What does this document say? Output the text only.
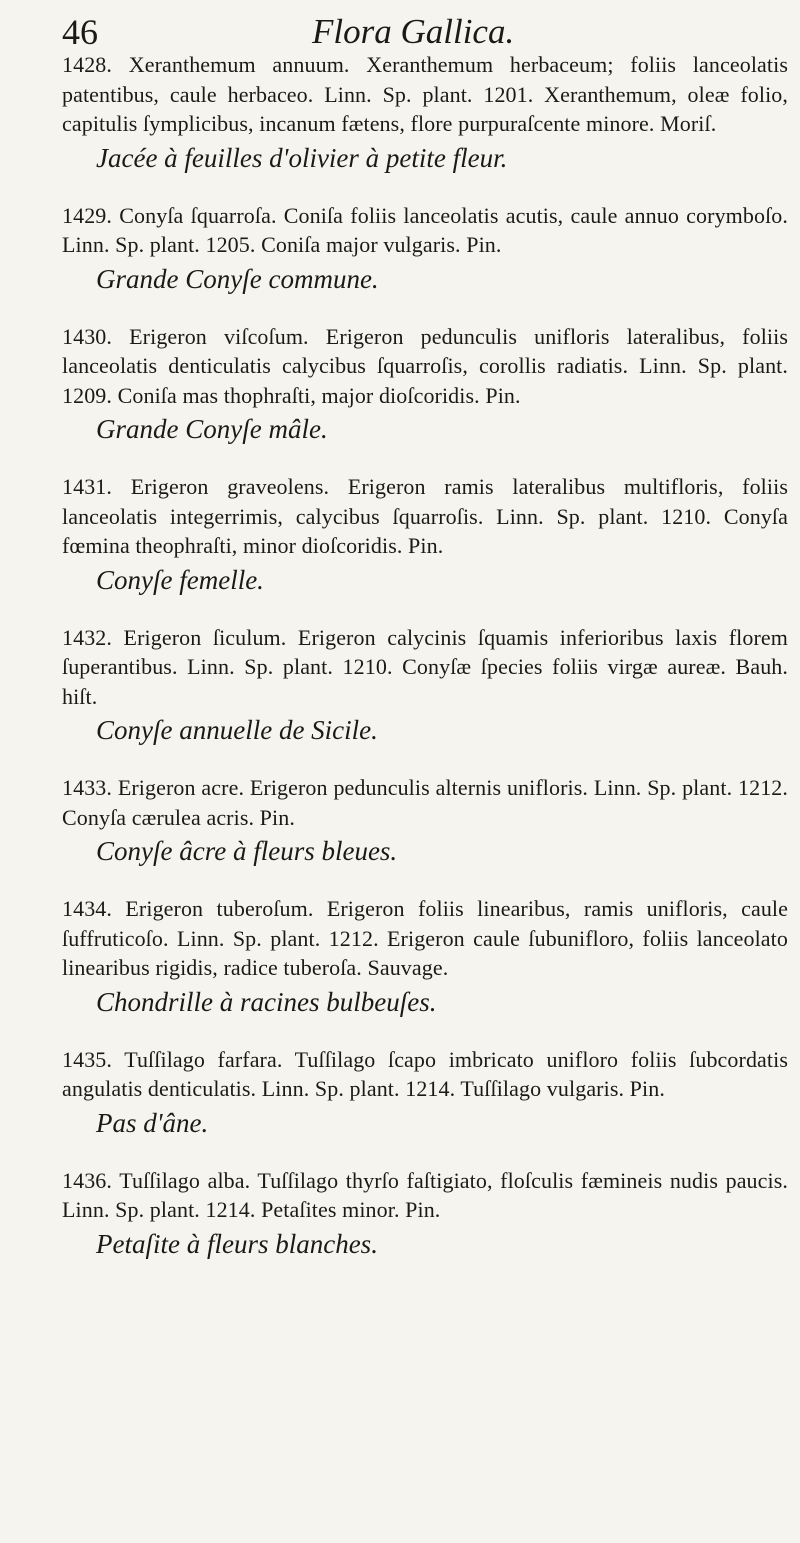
46	Flora Gallica.
1428. Xeranthemum annuum. Xeranthemum herbaceum; foliis lanceolatis patentibus, caule herbaceo. Linn. Sp. plant. 1201. Xeranthemum, oleæ folio, capitulis ſymplicibus, incanum fætens, flore purpuraſcente minore. Moriſ.
Jacée à feuilles d'olivier à petite fleur.
1429. Conyſa ſquarroſa. Coniſa foliis lanceolatis acutis, caule annuo corymboſo. Linn. Sp. plant. 1205. Coniſa major vulgaris. Pin.
Grande Conyſe commune.
1430. Erigeron viſcoſum. Erigeron pedunculis unifloris lateralibus, foliis lanceolatis denticulatis calycibus ſquarroſis, corollis radiatis. Linn. Sp. plant. 1209. Coniſa mas thophraſti, major dioſcoridis. Pin.
Grande Conyſe mâle.
1431. Erigeron graveolens. Erigeron ramis lateralibus multifloris, foliis lanceolatis integerrimis, calycibus ſquarroſis. Linn. Sp. plant. 1210. Conyſa fœmina theophraſti, minor dioſcoridis. Pin.
Conyſe femelle.
1432. Erigeron ſiculum. Erigeron calycinis ſquamis inferioribus laxis florem ſuperantibus. Linn. Sp. plant. 1210. Conyſæ ſpecies foliis virgæ aureæ. Bauh. hiſt.
Conyſe annuelle de Sicile.
1433. Erigeron acre. Erigeron pedunculis alternis unifloris. Linn. Sp. plant. 1212. Conyſa cærulea acris. Pin.
Conyſe âcre à fleurs bleues.
1434. Erigeron tuberoſum. Erigeron foliis linearibus, ramis unifloris, caule ſuffruticoſo. Linn. Sp. plant. 1212. Erigeron caule ſubunifloro, foliis lanceolato linearibus rigidis, radice tuberoſa. Sauvage.
Chondrille à racines bulbeuſes.
1435. Tuſſilago farfara. Tuſſilago ſcapo imbricato unifloro foliis ſubcordatis angulatis denticulatis. Linn. Sp. plant. 1214. Tuſſilago vulgaris. Pin.
Pas d'âne.
1436. Tuſſilago alba. Tuſſilago thyrſo faſtigiato, floſculis fæmineis nudis paucis. Linn. Sp. plant. 1214. Petaſites minor. Pin.
Petaſite à fleurs blanches.
